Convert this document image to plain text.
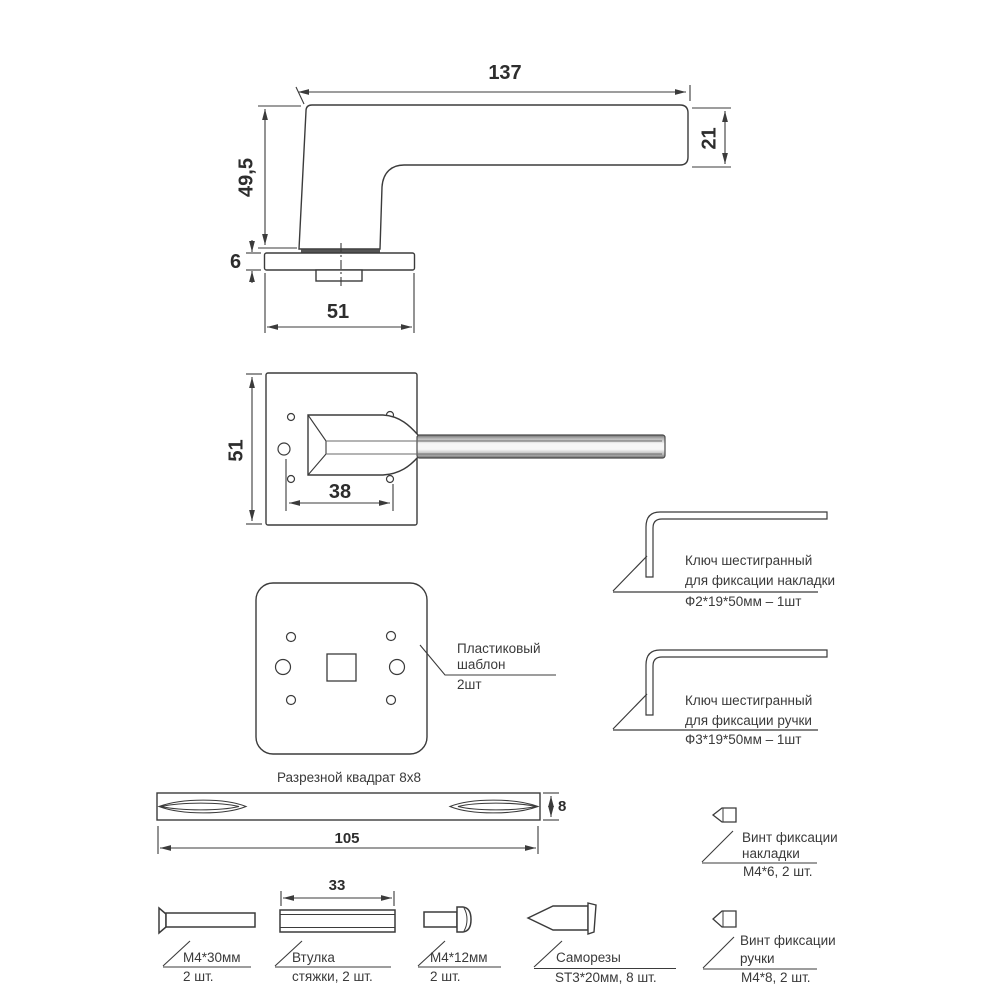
137
49,5
21
6
51
51
38
Пластиковый
шаблон
2шт
Разрезной квадрат 8х8
105
8
33
Ключ шестигранный
для фиксации накладки
Ф2*19*50мм – 1шт
Ключ шестигранный
для фиксации ручки
Ф3*19*50мм – 1шт
Винт фиксации
накладки
M4*6, 2 шт.
Винт фиксации
ручки
M4*8, 2 шт.
M4*30мм
2 шт.
Втулка
стяжки, 2 шт.
M4*12мм
2 шт.
Саморезы
ST3*20мм, 8 шт.
